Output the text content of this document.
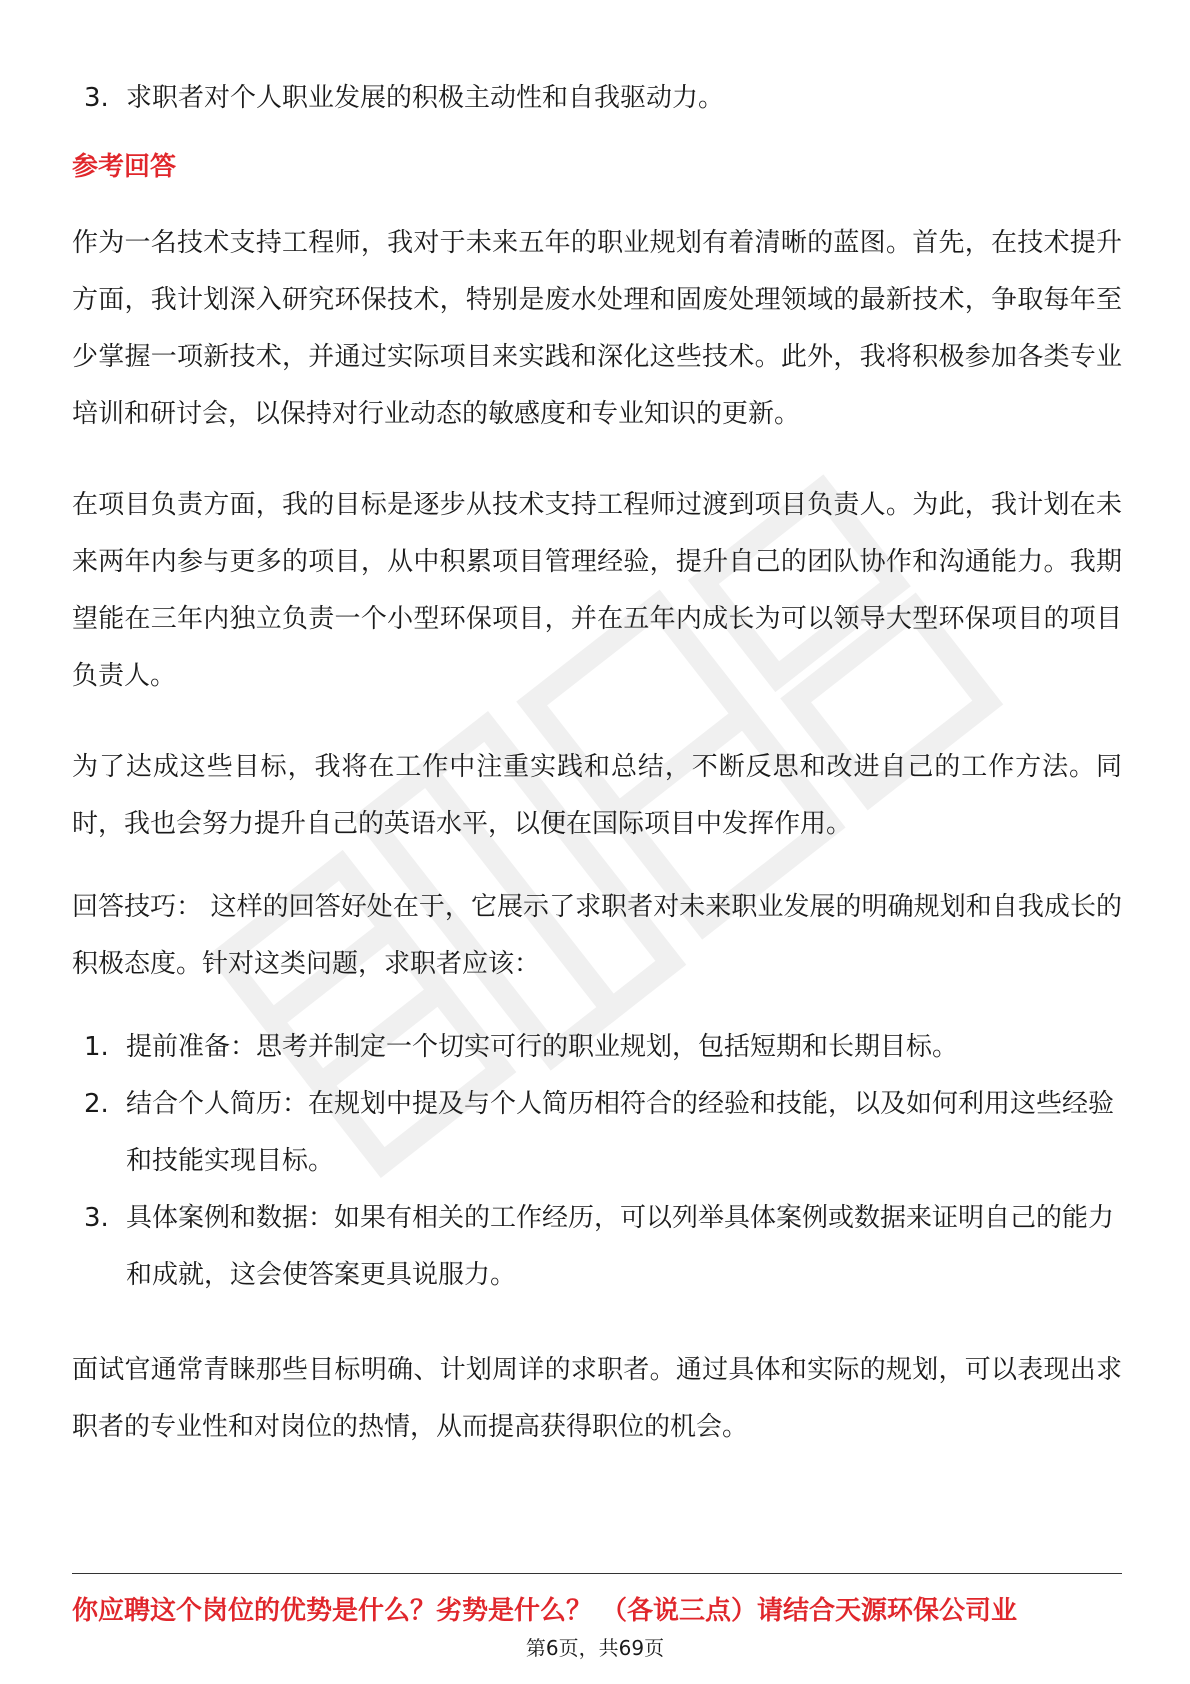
3. 求职者对个人职业发展的积极主动性和自我驱动力。
参考回答

作为一名技术支持工程师，我对于未来五年的职业规划有着清晰的蓝图。首先，在技术提升方面，我计划深入研究环保技术，特别是废水处理和固废处理领域的最新技术，争取每年至少掌握一项新技术，并通过实际项目来实践和深化这些技术。此外，我将积极参加各类专业培训和研讨会，以保持对行业动态的敏感度和专业知识的更新。

在项目负责方面，我的目标是逐步从技术支持工程师过渡到项目负责人。为此，我计划在未来两年内参与更多的项目，从中积累项目管理经验，提升自己的团队协作和沟通能力。我期望能在三年内独立负责一个小型环保项目，并在五年内成长为可以领导大型环保项目的项目负责人。

为了达成这些目标，我将在工作中注重实践和总结，不断反思和改进自己的工作方法。同时，我也会努力提升自己的英语水平，以便在国际项目中发挥作用。

回答技巧： 这样的回答好处在于，它展示了求职者对未来职业发展的明确规划和自我成长的积极态度。针对这类问题，求职者应该：

1. 提前准备：思考并制定一个切实可行的职业规划，包括短期和长期目标。
2. 结合个人简历：在规划中提及与个人简历相符合的经验和技能，以及如何利用这些经验和技能实现目标。
3. 具体案例和数据：如果有相关的工作经历，可以列举具体案例或数据来证明自己的能力和成就，这会使答案更具说服力。

面试官通常青睐那些目标明确、计划周详的求职者。通过具体和实际的规划，可以表现出求职者的专业性和对岗位的热情，从而提高获得职位的机会。

你应聘这个岗位的优势是什么？劣势是什么？ （各说三点）请结合天源环保公司业
第6页，共69页
